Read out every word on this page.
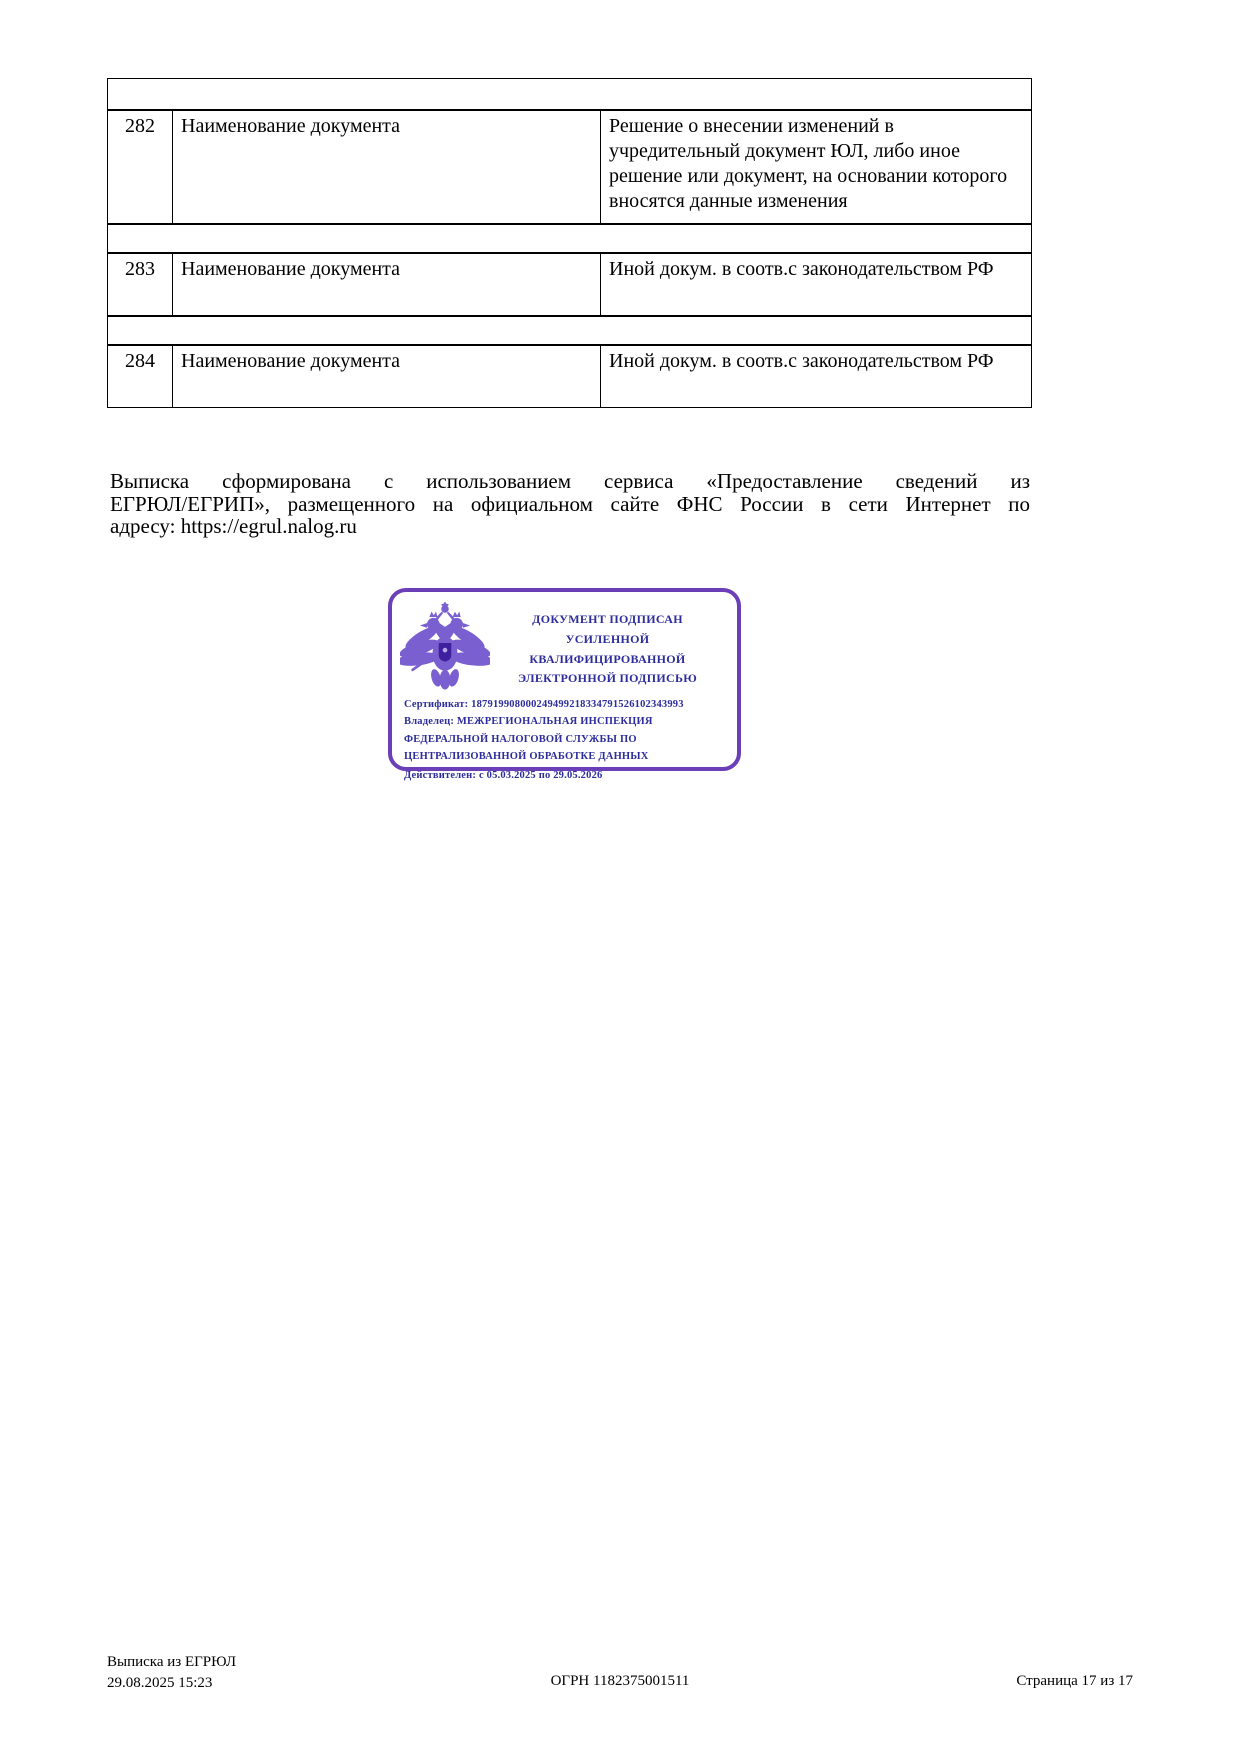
282	Наименование документа	Решение о внесении изменений в учредительный документ ЮЛ, либо иное решение или документ, на основании которого вносятся данные изменения
283	Наименование документа	Иной докум. в соотв.с законодательством РФ
284	Наименование документа	Иной докум. в соотв.с законодательством РФ
Выписка сформирована с использованием сервиса «Предоставление сведений из
ЕГРЮЛ/ЕГРИП», размещенного на официальном сайте ФНС России в сети Интернет по
адресу: https://egrul.nalog.ru
ДОКУМЕНТ ПОДПИСАН
УСИЛЕННОЙ КВАЛИФИЦИРОВАННОЙ
ЭЛЕКТРОННОЙ ПОДПИСЬЮ
Сертификат: 187919908000249499218334791526102343993
Владелец: МЕЖРЕГИОНАЛЬНАЯ ИНСПЕКЦИЯ ФЕДЕРАЛЬНОЙ НАЛОГОВОЙ СЛУЖБЫ ПО ЦЕНТРАЛИЗОВАННОЙ ОБРАБОТКЕ ДАННЫХ
Действителен: с 05.03.2025 по 29.05.2026
Выписка из ЕГРЮЛ
29.08.2025 15:23	ОГРН 1182375001511	Страница 17 из 17
